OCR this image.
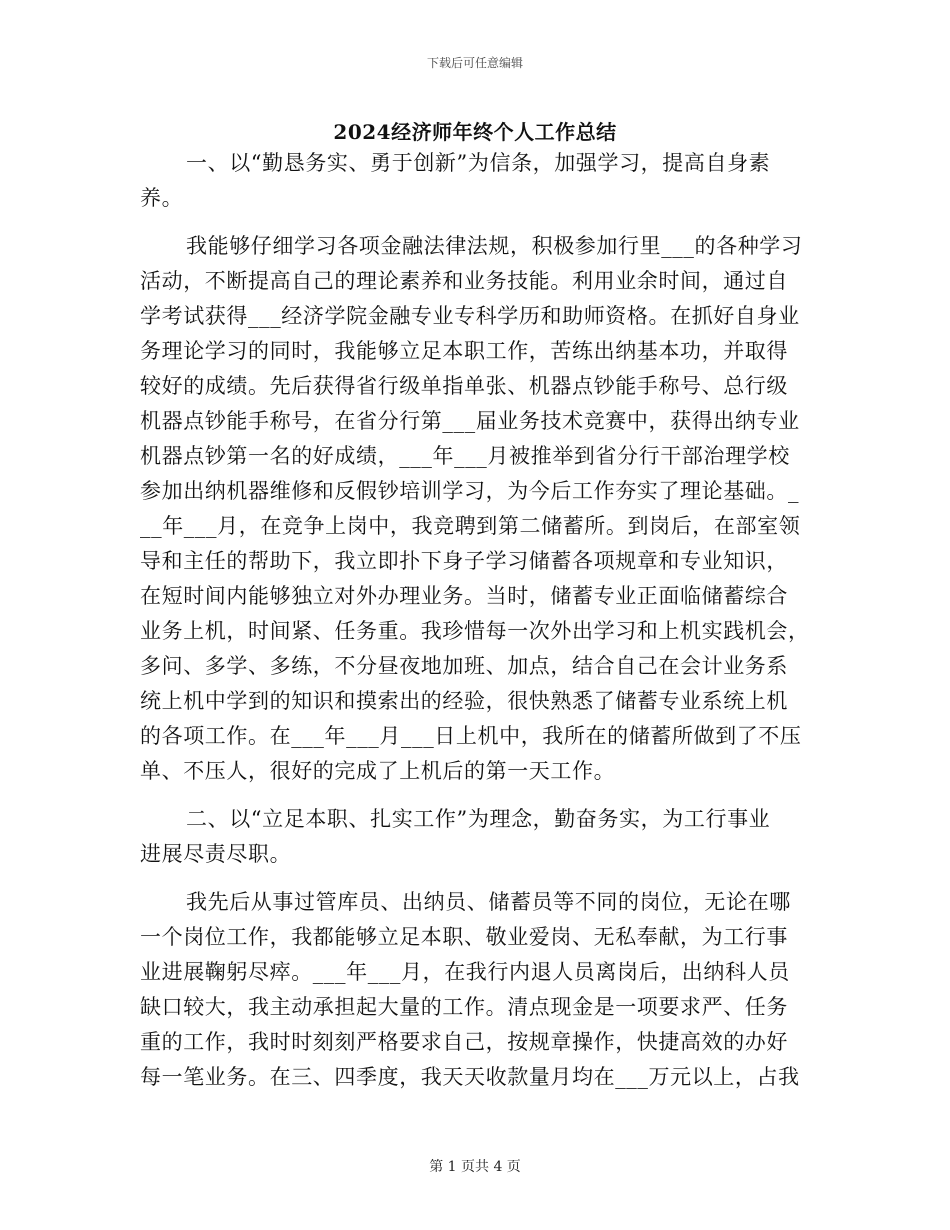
下载后可任意编辑
2024经济师年终个人工作总结
一、以“勤恳务实、勇于创新”为信条，加强学习，提高自身素
养。
我能够仔细学习各项金融法律法规，积极参加行里___的各种学习
活动，不断提高自己的理论素养和业务技能。利用业余时间，通过自
学考试获得___经济学院金融专业专科学历和助师资格。在抓好自身业
务理论学习的同时，我能够立足本职工作，苦练出纳基本功，并取得
较好的成绩。先后获得省行级单指单张、机器点钞能手称号、总行级
机器点钞能手称号，在省分行第___届业务技术竞赛中，获得出纳专业
机器点钞第一名的好成绩，___年___月被推举到省分行干部治理学校
参加出纳机器维修和反假钞培训学习，为今后工作夯实了理论基础。_
__年___月，在竞争上岗中，我竞聘到第二储蓄所。到岗后，在部室领
导和主任的帮助下，我立即扑下身子学习储蓄各项规章和专业知识，
在短时间内能够独立对外办理业务。当时，储蓄专业正面临储蓄综合
业务上机，时间紧、任务重。我珍惜每一次外出学习和上机实践机会，
多问、多学、多练，不分昼夜地加班、加点，结合自己在会计业务系
统上机中学到的知识和摸索出的经验，很快熟悉了储蓄专业系统上机
的各项工作。在___年___月___日上机中，我所在的储蓄所做到了不压
单、不压人，很好的完成了上机后的第一天工作。
二、以“立足本职、扎实工作”为理念，勤奋务实，为工行事业
进展尽责尽职。
我先后从事过管库员、出纳员、储蓄员等不同的岗位，无论在哪
一个岗位工作，我都能够立足本职、敬业爱岗、无私奉献，为工行事
业进展鞠躬尽瘁。___年___月，在我行内退人员离岗后，出纳科人员
缺口较大，我主动承担起大量的工作。清点现金是一项要求严、任务
重的工作，我时时刻刻严格要求自己，按规章操作，快捷高效的办好
每一笔业务。在三、四季度，我天天收款量月均在___万元以上，占我
第 1 页共 4 页
